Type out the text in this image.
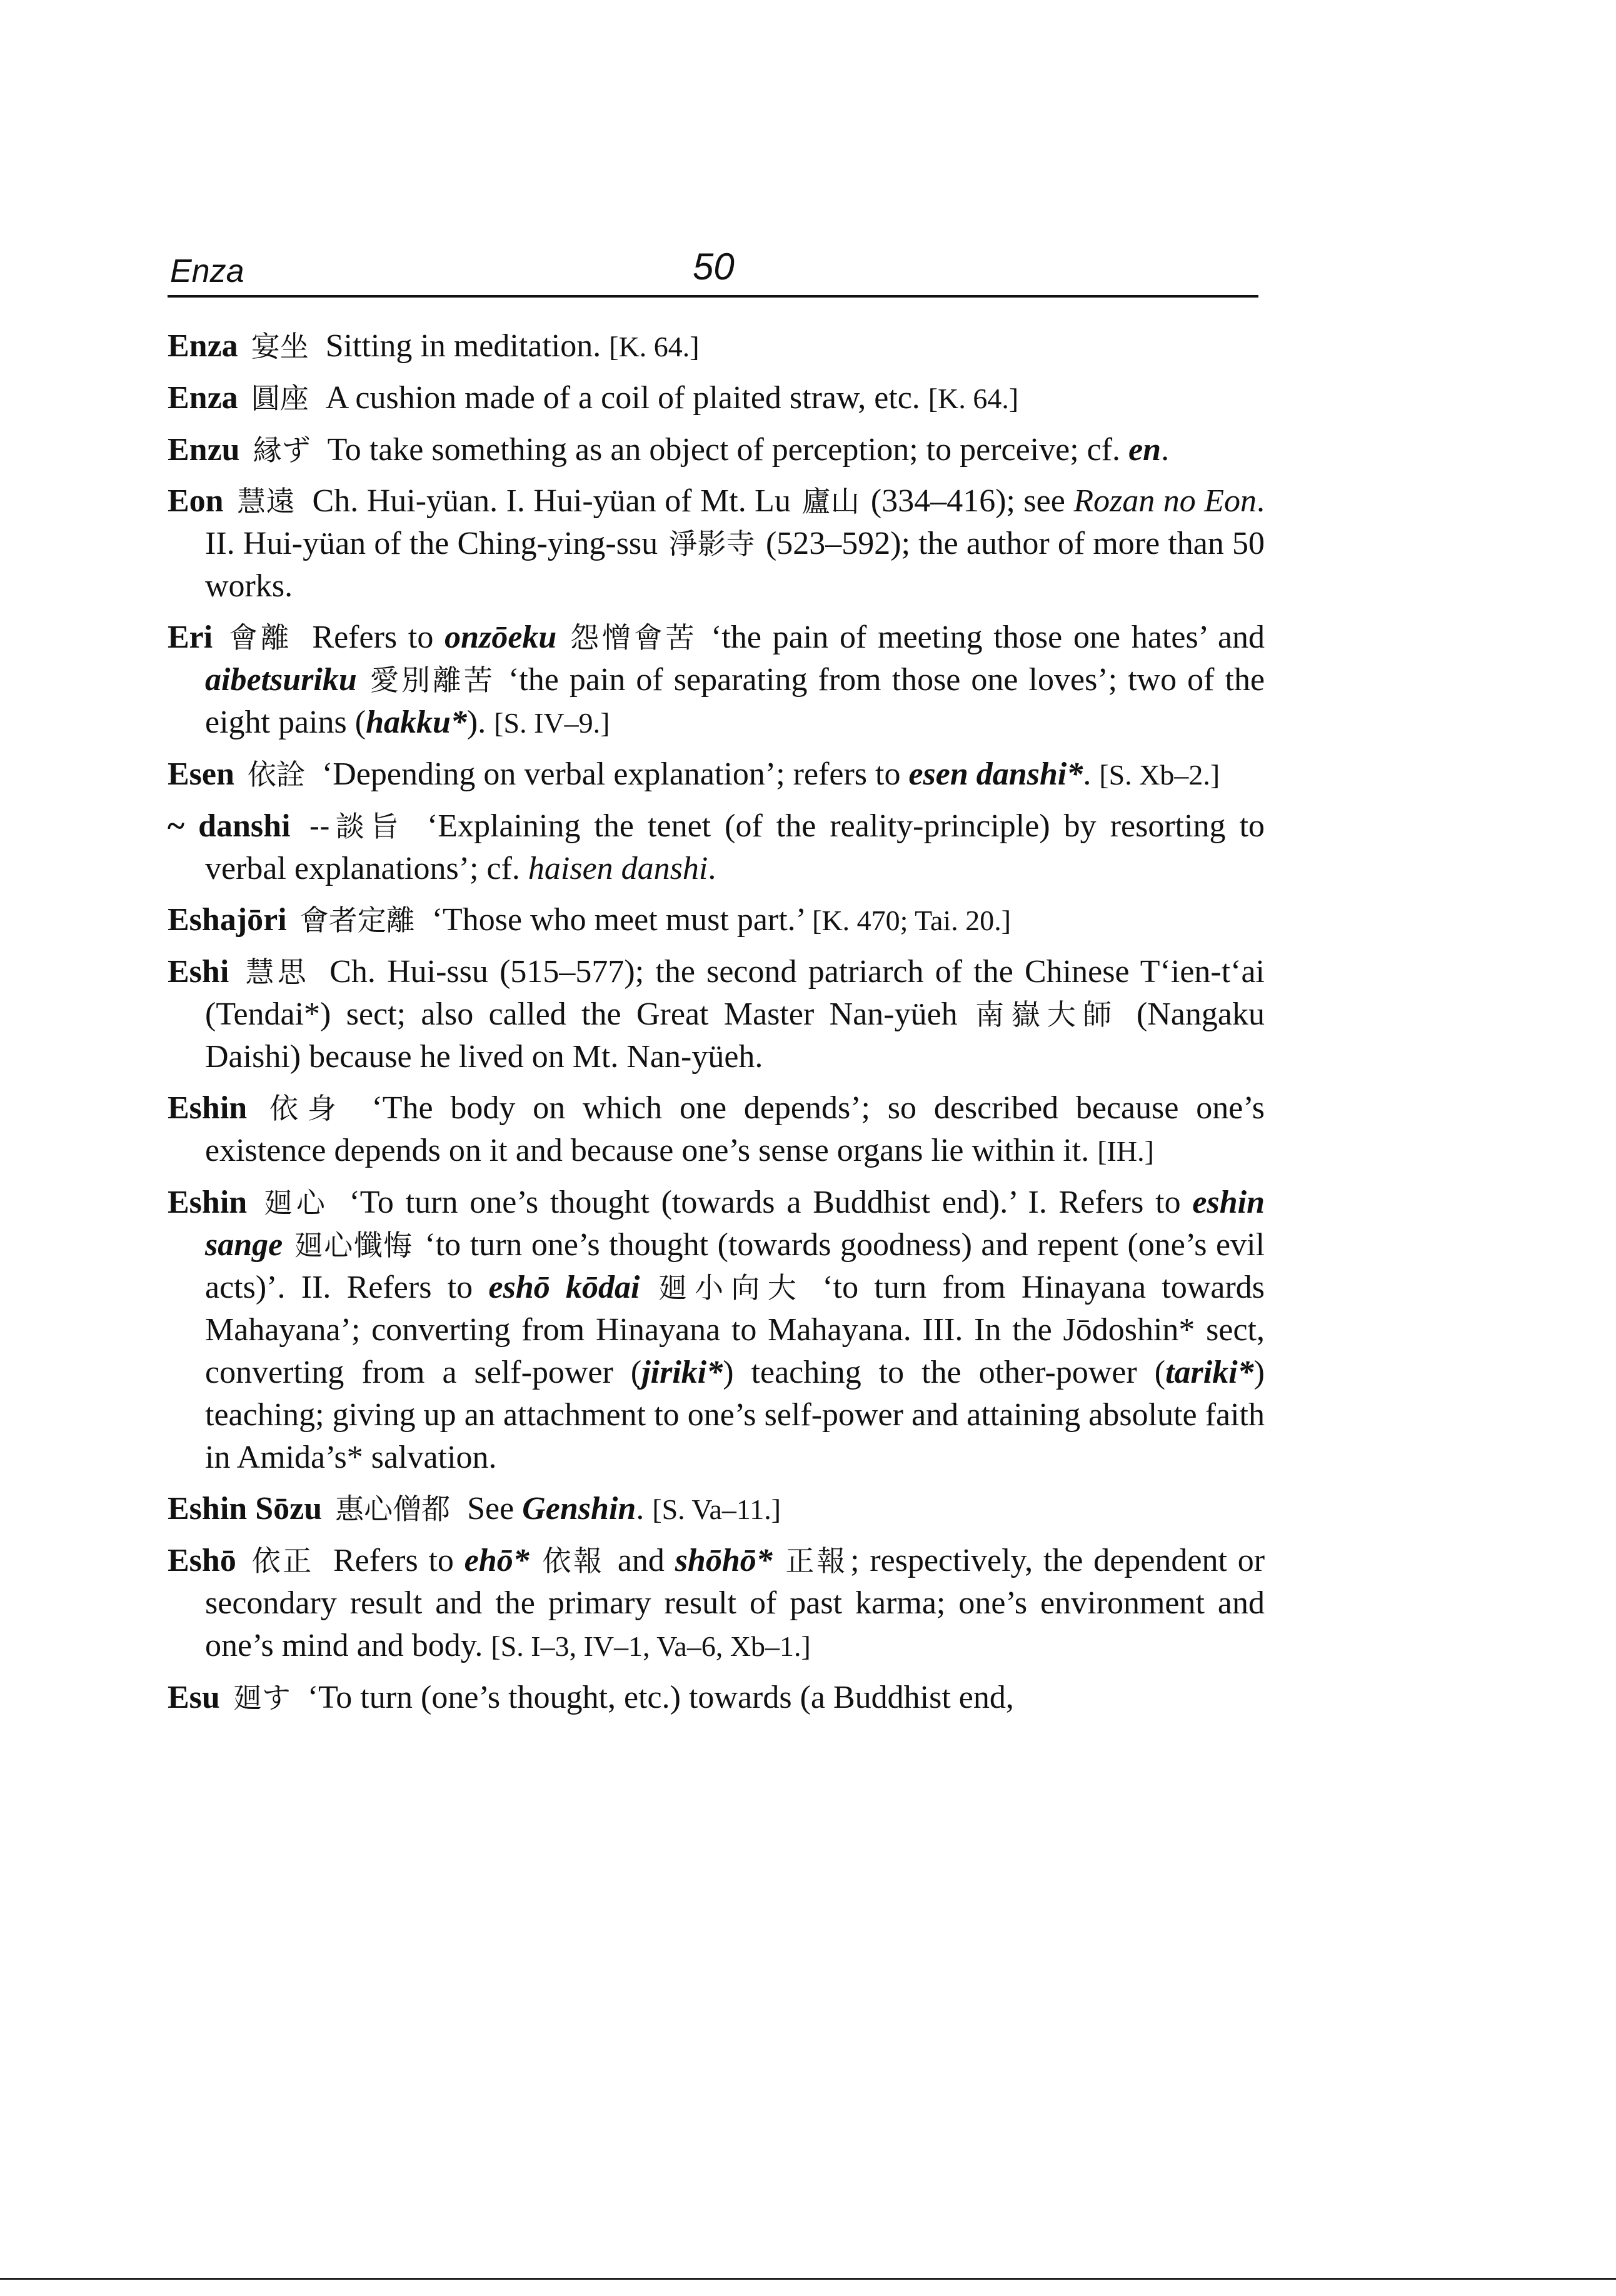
Enza	50

Enza 宴坐 Sitting in meditation. [K. 64.]

Enza 圓座 A cushion made of a coil of plaited straw, etc. [K. 64.]

Enzu 縁ず To take something as an object of perception; to perceive; cf. en.

Eon 慧遠 Ch. Hui-yüan. I. Hui-yüan of Mt. Lu 廬山 (334–416); see Rozan no Eon. II. Hui-yüan of the Ching-ying-ssu 淨影寺 (523–592); the author of more than 50 works.

Eri 會離 Refers to onzōeku 怨憎會苦 ‘the pain of meeting those one hates’ and aibetsuriku 愛別離苦 ‘the pain of separating from those one loves’; two of the eight pains (hakku*). [S. IV–9.]

Esen 依詮 ‘Depending on verbal explanation’; refers to esen danshi*. [S. Xb–2.]

~ danshi --談旨 ‘Explaining the tenet (of the reality-principle) by resorting to verbal explanations’; cf. haisen danshi.

Eshajōri 會者定離 ‘Those who meet must part.’ [K. 470; Tai. 20.]

Eshi 慧思 Ch. Hui-ssu (515–577); the second patriarch of the Chinese T‘ien-t‘ai (Tendai*) sect; also called the Great Master Nan-yüeh 南嶽大師 (Nangaku Daishi) because he lived on Mt. Nan-yüeh.

Eshin 依身 ‘The body on which one depends’; so described because one’s existence depends on it and because one’s sense organs lie within it. [IH.]

Eshin 廻心 ‘To turn one’s thought (towards a Buddhist end).’ I. Refers to eshin sange 廻心懺悔 ‘to turn one’s thought (towards goodness) and repent (one’s evil acts)’. II. Refers to eshō kōdai 廻小向大 ‘to turn from Hinayana towards Mahayana’; converting from Hinayana to Mahayana. III. In the Jōdoshin* sect, converting from a self-power (jiriki*) teaching to the other-power (tariki*) teaching; giving up an attachment to one’s self-power and attaining absolute faith in Amida’s* salvation.

Eshin Sōzu 惠心僧都 See Genshin. [S. Va–11.]

Eshō 依正 Refers to ehō* 依報 and shōhō* 正報; respectively, the dependent or secondary result and the primary result of past karma; one’s environment and one’s mind and body. [S. I–3, IV–1, Va–6, Xb–1.]

Esu 廻す ‘To turn (one’s thought, etc.) towards (a Buddhist end,
